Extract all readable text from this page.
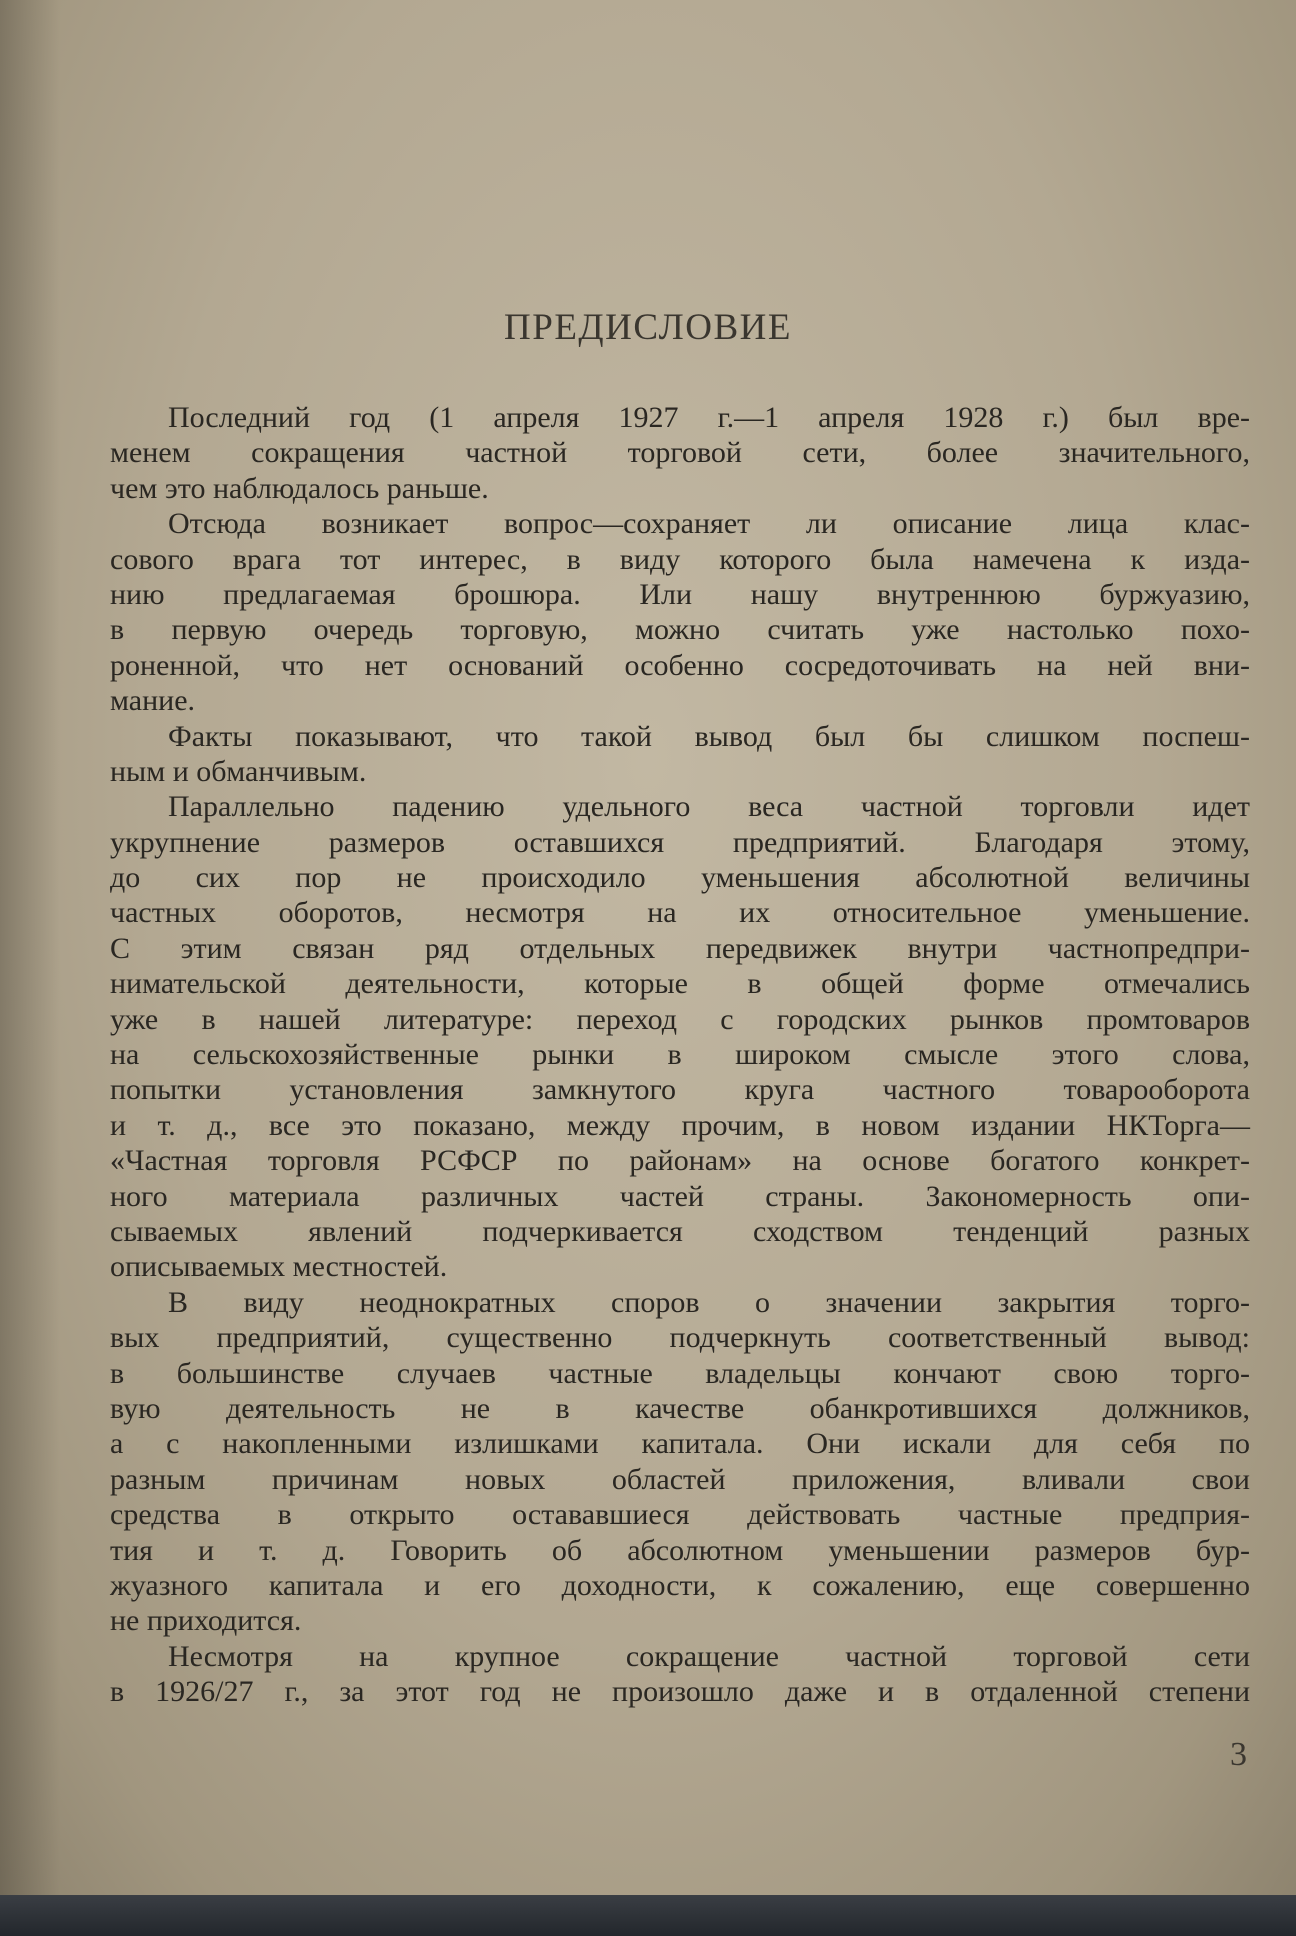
ПРЕДИСЛОВИЕ
Последний год (1 апреля 1927 г.—1 апреля 1928 г.) был вре-
менем сокращения частной торговой сети, более значительного,
чем это наблюдалось раньше.
Отсюда возникает вопрос—сохраняет ли описание лица клас-
сового врага тот интерес, в виду которого была намечена к изда-
нию предлагаемая брошюра. Или нашу внутреннюю буржуазию,
в первую очередь торговую, можно считать уже настолько похо-
роненной, что нет оснований особенно сосредоточивать на ней вни-
мание.
Факты показывают, что такой вывод был бы слишком поспеш-
ным и обманчивым.
Параллельно падению удельного веса частной торговли идет
укрупнение размеров оставшихся предприятий. Благодаря этому,
до сих пор не происходило уменьшения абсолютной величины
частных оборотов, несмотря на их относительное уменьшение.
С этим связан ряд отдельных передвижек внутри частнопредпри-
нимательской деятельности, которые в общей форме отмечались
уже в нашей литературе: переход с городских рынков промтоваров
на сельскохозяйственные рынки в широком смысле этого слова,
попытки установления замкнутого круга частного товарооборота
и т. д., все это показано, между прочим, в новом издании НКТорга—
«Частная торговля РСФСР по районам» на основе богатого конкрет-
ного материала различных частей страны. Закономерность опи-
сываемых явлений подчеркивается сходством тенденций разных
описываемых местностей.
В виду неоднократных споров о значении закрытия торго-
вых предприятий, существенно подчеркнуть соответственный вывод:
в большинстве случаев частные владельцы кончают свою торго-
вую деятельность не в качестве обанкротившихся должников,
а с накопленными излишками капитала. Они искали для себя по
разным причинам новых областей приложения, вливали свои
средства в открыто остававшиеся действовать частные предприя-
тия и т. д. Говорить об абсолютном уменьшении размеров бур-
жуазного капитала и его доходности, к сожалению, еще совершенно
не приходится.
Несмотря на крупное сокращение частной торговой сети
в 1926/27 г., за этот год не произошло даже и в отдаленной степени
3
